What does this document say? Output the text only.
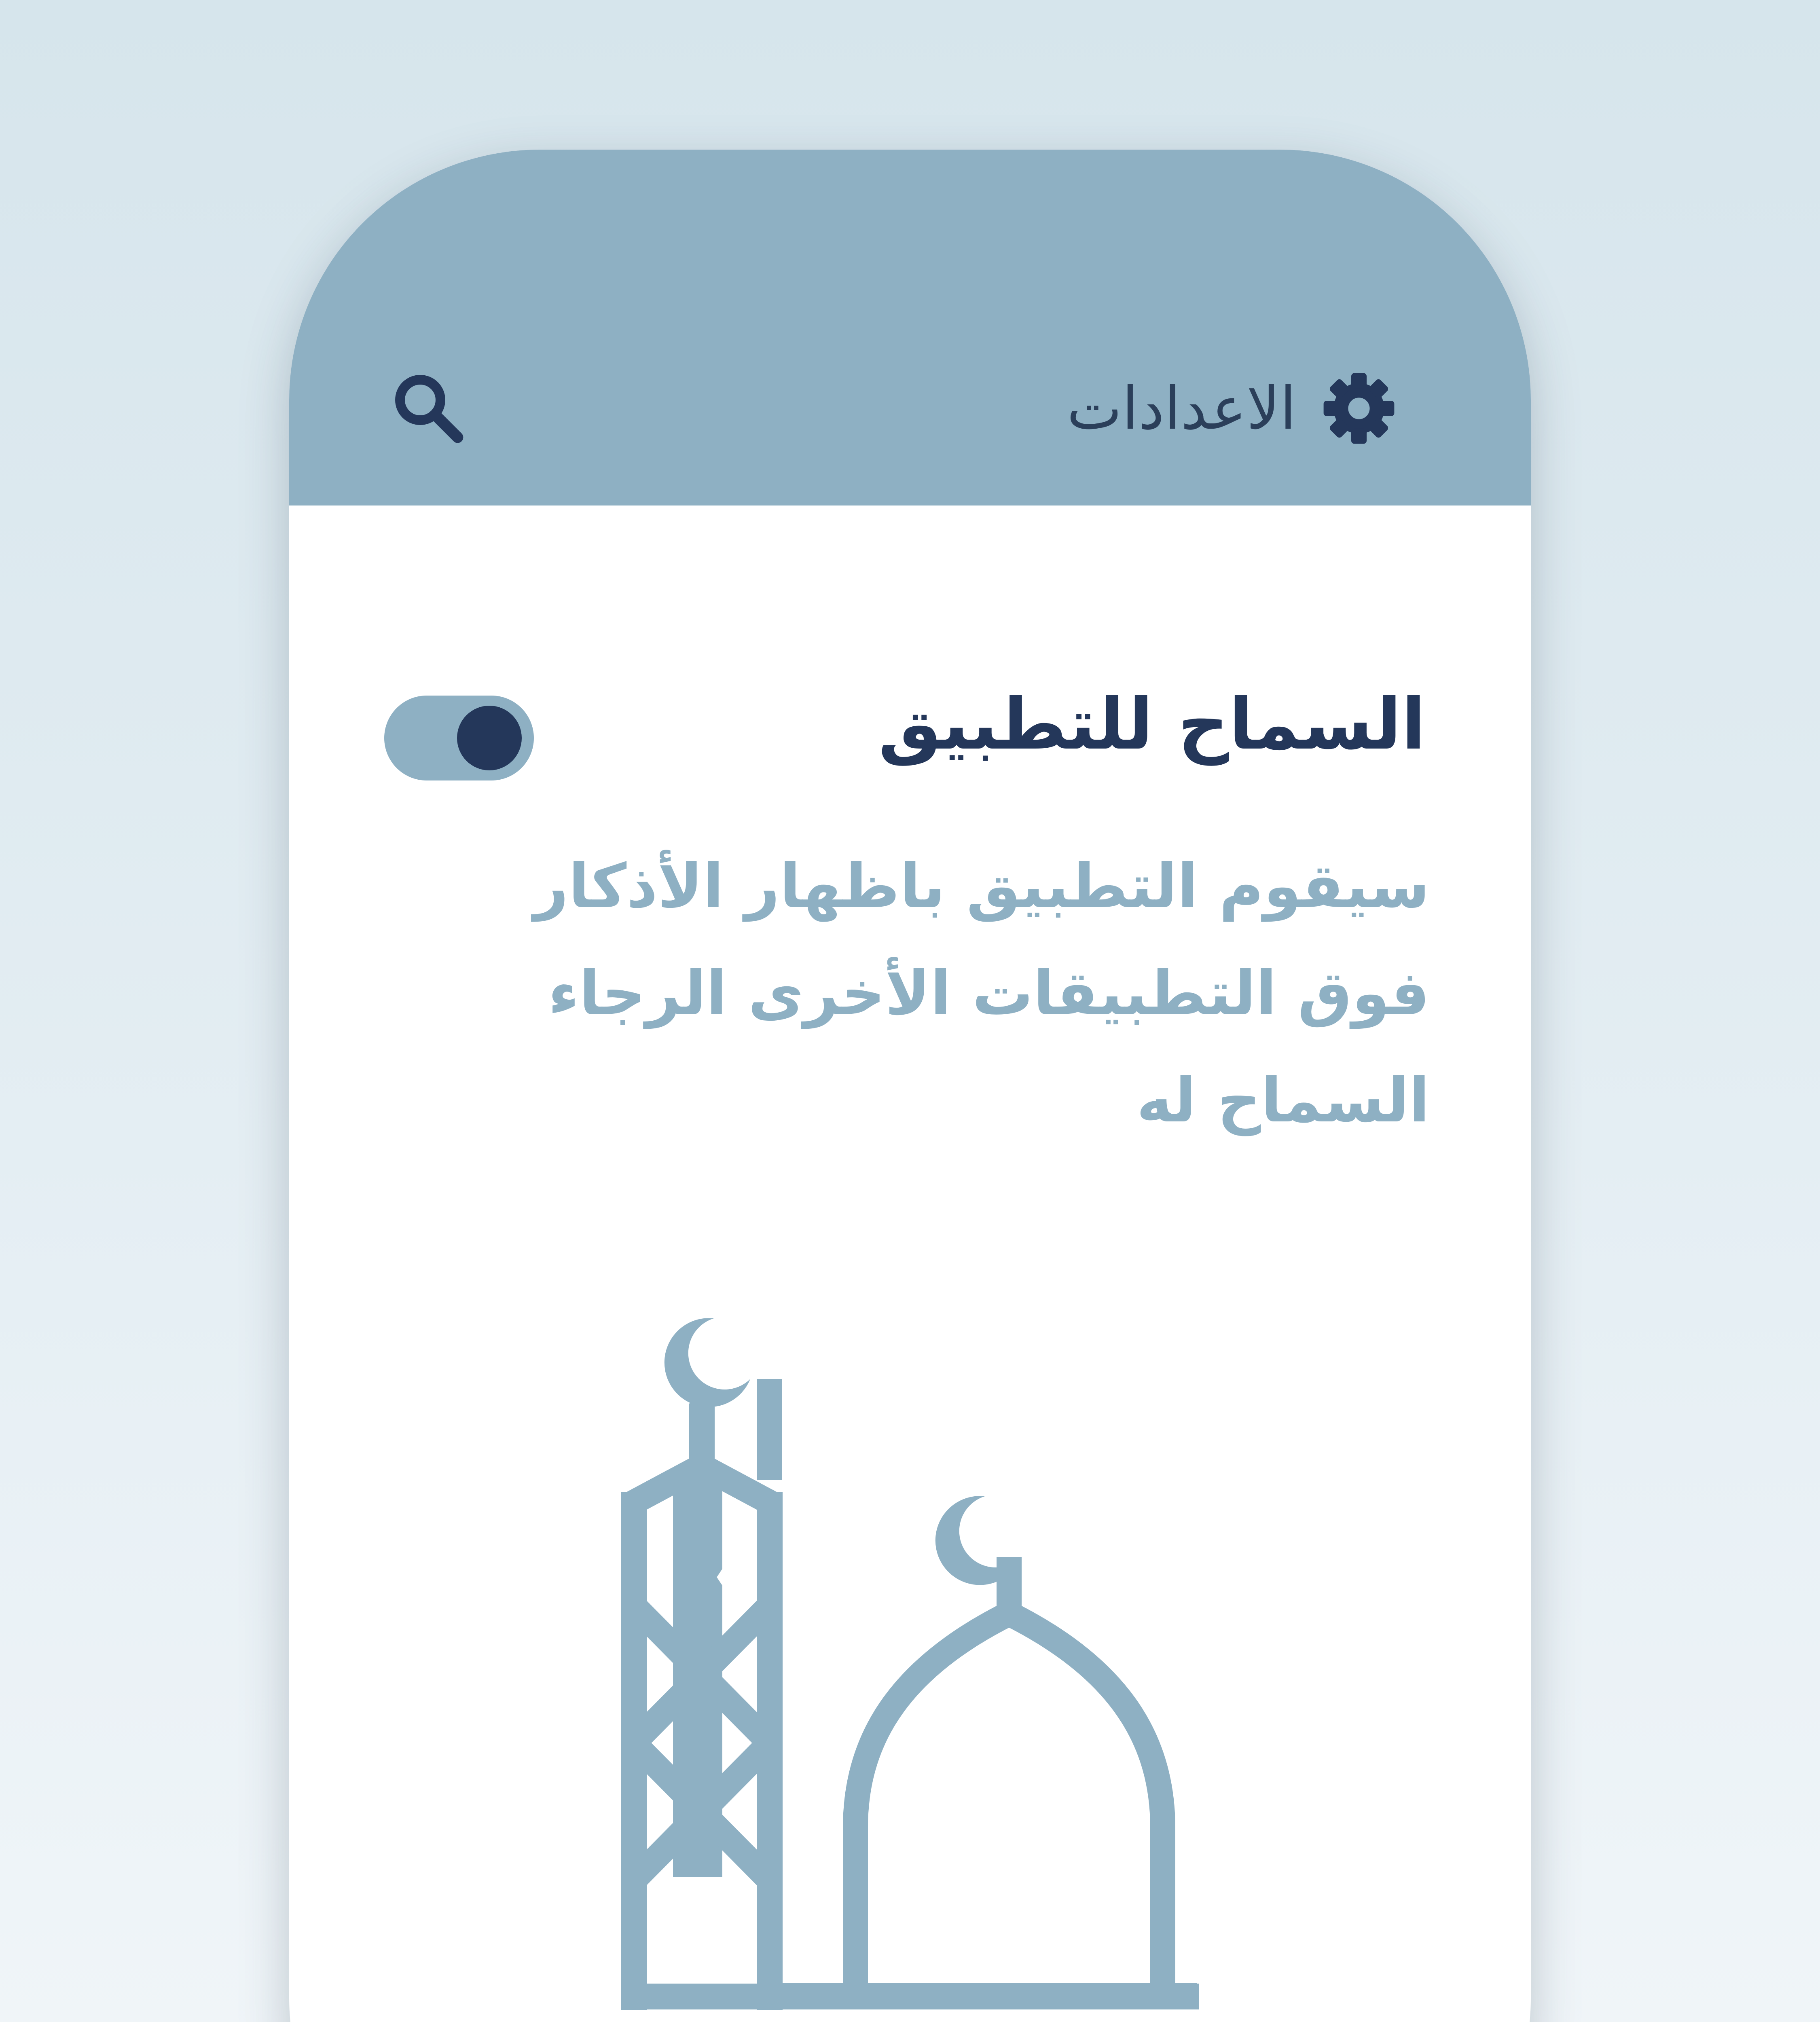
الاعدادات
السماح للتطبيق
سيقوم التطبيق باظهار الأذكار فوق التطبيقات الأخرى الرجاء السماح له
